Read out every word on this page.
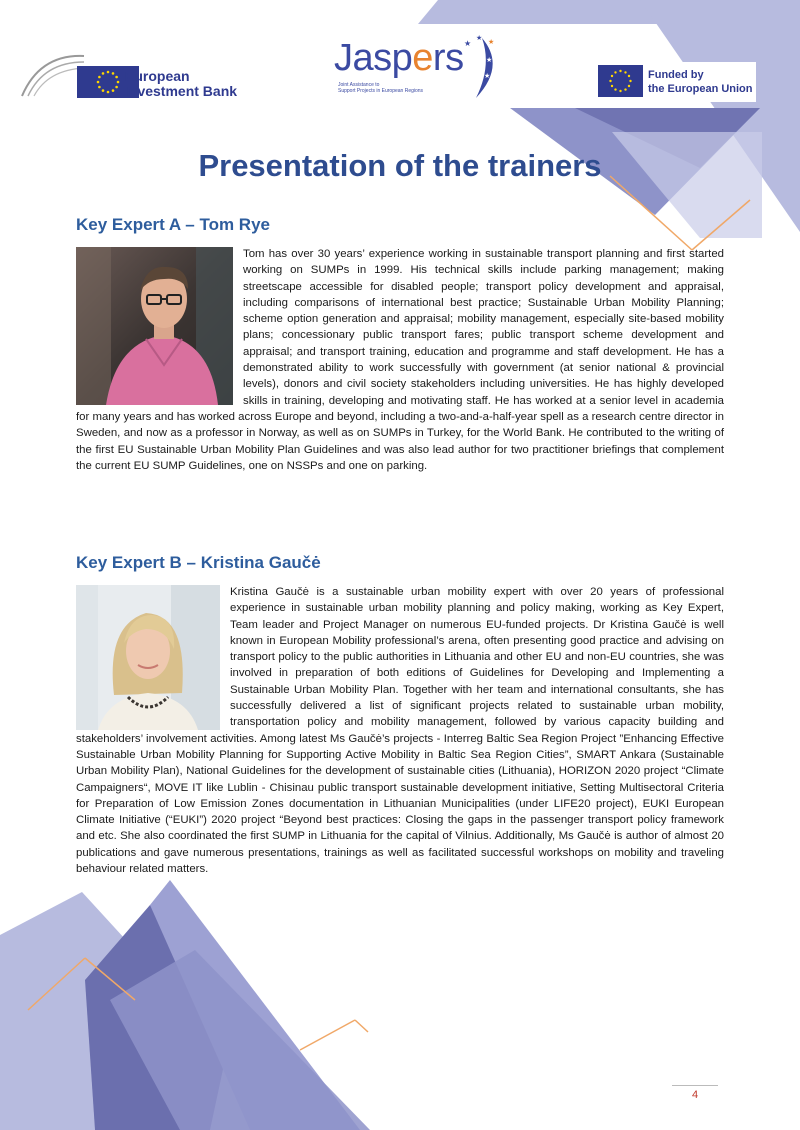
European
Investment Bank
Jaspers
Joint Assistance to
Support Projects in European Regions
★
★
★
★
★	Funded by
the European Union
Presentation of the trainers
Key Expert A – Tom Rye

Tom has over 30 years’ experience working in sustainable transport planning and first started working on SUMPs in 1999. His technical skills include parking management; making streetscape accessible for disabled people; transport policy development and appraisal, including comparisons of international best practice; Sustainable Urban Mobility Planning; scheme option generation and appraisal; mobility management, especially site-based mobility plans; concessionary public transport fares; public transport scheme development and appraisal; and transport training, education and programme and staff development. He has a demonstrated ability to work successfully with government (at senior national & provincial levels), donors and civil society stakeholders including universities. He has highly developed skills in training, developing and motivating staff. He has worked at a senior level in academia for many years and has worked across Europe and beyond, including a two-and-a-half-year spell as a research centre director in Sweden, and now as a professor in Norway, as well as on SUMPs in Turkey, for the World Bank. He contributed to the writing of the first EU Sustainable Urban Mobility Plan Guidelines and was also lead author for two practitioner briefings that complement the current EU SUMP Guidelines, one on NSSPs and one on parking.

Key Expert B – Kristina Gaučė

Kristina Gaučė is a sustainable urban mobility expert with over 20 years of professional experience in sustainable urban mobility planning and policy making, working as Key Expert, Team leader and Project Manager on numerous EU-funded projects. Dr Kristina Gaučė is well known in European Mobility professional’s arena, often presenting good practice and advising on transport policy to the public authorities in Lithuania and other EU and non-EU countries, she was involved in preparation of both editions of Guidelines for Developing and Implementing a Sustainable Urban Mobility Plan. Together with her team and international consultants, she has successfully delivered a list of significant projects related to sustainable urban mobility, transportation policy and mobility management, followed by various capacity building and stakeholders’ involvement activities. Among latest Ms Gaučė’s projects - Interreg Baltic Sea Region Project ”Enhancing Effective Sustainable Urban Mobility Planning for Supporting Active Mobility in Baltic Sea Region Cities”, SMART Ankara (Sustainable Urban Mobility Plan), National Guidelines for the development of sustainable cities (Lithuania), HORIZON 2020 project “Climate Campaigners“, MOVE IT like Lublin - Chisinau public transport sustainable development initiative, Setting Multisectoral Criteria for Preparation of Low Emission Zones documentation in Lithuanian Municipalities (under LIFE20 project), EUKI European Climate Initiative (“EUKI”) 2020 project “Beyond best practices: Closing the gaps in the passenger transport policy framework and etc. She also coordinated the first SUMP in Lithuania for the capital of Vilnius. Additionally, Ms Gaučė is author of almost 20 publications and gave numerous presentations, trainings as well as facilitated successful workshops on mobility and traveling behaviour related matters.

4
